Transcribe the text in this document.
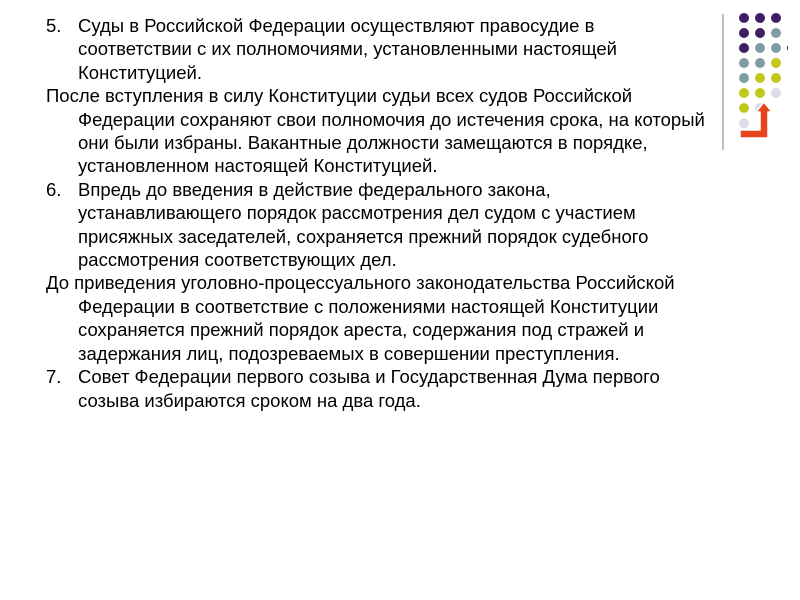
5. Суды в Российской Федерации осуществляют правосудие в соответствии с их полномочиями, установленными настоящей Конституцией.

После вступления в силу Конституции судьи всех судов Российской Федерации сохраняют свои полномочия до истечения срока, на который они были избраны. Вакантные должности замещаются в порядке, установленном настоящей Конституцией.

6. Впредь до введения в действие федерального закона, устанавливающего порядок рассмотрения дел судом с участием присяжных заседателей, сохраняется прежний порядок судебного рассмотрения соответствующих дел.

До приведения уголовно-процессуального законодательства Российской Федерации в соответствие с положениями настоящей Конституции сохраняется прежний порядок ареста, содержания под стражей и задержания лиц, подозреваемых в совершении преступления.

7. Совет Федерации первого созыва и Государственная Дума первого созыва избираются сроком на два года.
